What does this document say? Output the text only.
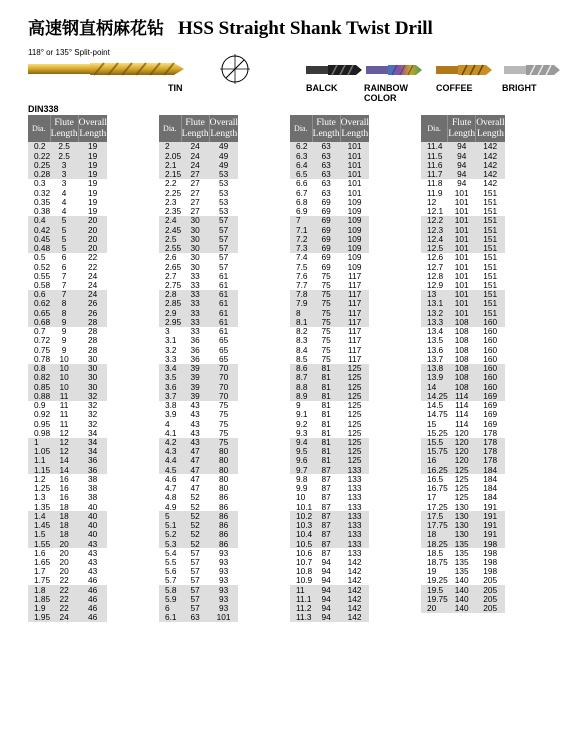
高速钢直柄麻花钻 HSS Straight Shank Twist Drill
118° or 135° Split-point
TIN	BALCK	RAINBOW
COLOR
COFFEE	BRIGHT
DIN338
Dia.	Flute
Length	Overall
Length
0.2	2.5	19
0.22	2.5	19
0.25	3	19
0.28	3	19
0.3	3	19
0.32	4	19
0.35	4	19
0.38	4	19
0.4	5	20
0.42	5	20
0.45	5	20
0.48	5	20
0.5	6	22
0.52	6	22
0.55	7	24
0.58	7	24
0.6	7	24
0.62	8	26
0.65	8	26
0.68	9	28
0.7	9	28
0.72	9	28
0.75	9	28
0.78	10	30
0.8	10	30
0.82	10	30
0.85	10	30
0.88	11	32
0.9	11	32
0.92	11	32
0.95	11	32
0.98	12	34
1	12	34
1.05	12	34
1.1	14	36
1.15	14	36
1.2	16	38
1.25	16	38
1.3	16	38
1.35	18	40
1.4	18	40
1.45	18	40
1.5	18	40
1.55	20	43
1.6	20	43
1.65	20	43
1.7	20	43
1.75	22	46
1.8	22	46
1.85	22	46
1.9	22	46
1.95	24	46
Dia.	Flute
Length	Overall
Length
2	24	49
2.05	24	49
2.1	24	49
2.15	27	53
2.2	27	53
2.25	27	53
2.3	27	53
2.35	27	53
2.4	30	57
2.45	30	57
2.5	30	57
2.55	30	57
2.6	30	57
2.65	30	57
2.7	33	61
2.75	33	61
2.8	33	61
2.85	33	61
2.9	33	61
2.95	33	61
3	33	61
3.1	36	65
3.2	36	65
3.3	36	65
3.4	39	70
3.5	39	70
3.6	39	70
3.7	39	70
3.8	43	75
3.9	43	75
4	43	75
4.1	43	75
4.2	43	75
4.3	47	80
4.4	47	80
4.5	47	80
4.6	47	80
4.7	47	80
4.8	52	86
4.9	52	86
5	52	86
5.1	52	86
5.2	52	86
5.3	52	86
5.4	57	93
5.5	57	93
5.6	57	93
5.7	57	93
5.8	57	93
5.9	57	93
6	57	93
6.1	63	101
Dia.	Flute
Length	Overall
Length
6.2	63	101
6.3	63	101
6.4	63	101
6.5	63	101
6.6	63	101
6.7	63	101
6.8	69	109
6.9	69	109
7	69	109
7.1	69	109
7.2	69	109
7.3	69	109
7.4	69	109
7.5	69	109
7.6	75	117
7.7	75	117
7.8	75	117
7.9	75	117
8	75	117
8.1	75	117
8.2	75	117
8.3	75	117
8.4	75	117
8.5	75	117
8.6	81	125
8.7	81	125
8.8	81	125
8.9	81	125
9	81	125
9.1	81	125
9.2	81	125
9.3	81	125
9.4	81	125
9.5	81	125
9.6	81	125
9.7	87	133
9.8	87	133
9.9	87	133
10	87	133
10.1	87	133
10.2	87	133
10.3	87	133
10.4	87	133
10.5	87	133
10.6	87	133
10.7	94	142
10.8	94	142
10.9	94	142
11	94	142
11.1	94	142
11.2	94	142
11.3	94	142
Dia.	Flute
Length	Overall
Length
11.4	94	142
11.5	94	142
11.6	94	142
11.7	94	142
11.8	94	142
11.9	101	151
12	101	151
12.1	101	151
12.2	101	151
12.3	101	151
12.4	101	151
12.5	101	151
12.6	101	151
12.7	101	151
12.8	101	151
12.9	101	151
13	101	151
13.1	101	151
13.2	101	151
13.3	108	160
13.4	108	160
13.5	108	160
13.6	108	160
13.7	108	160
13.8	108	160
13.9	108	160
14	108	160
14.25	114	169
14.5	114	169
14.75	114	169
15	114	169
15.25	120	178
15.5	120	178
15.75	120	178
16	120	178
16.25	125	184
16.5	125	184
16.75	125	184
17	125	184
17.25	130	191
17.5	130	191
17.75	130	191
18	130	191
18.25	135	198
18.5	135	198
18.75	135	198
19	135	198
19.25	140	205
19.5	140	205
19.75	140	205
20	140	205
